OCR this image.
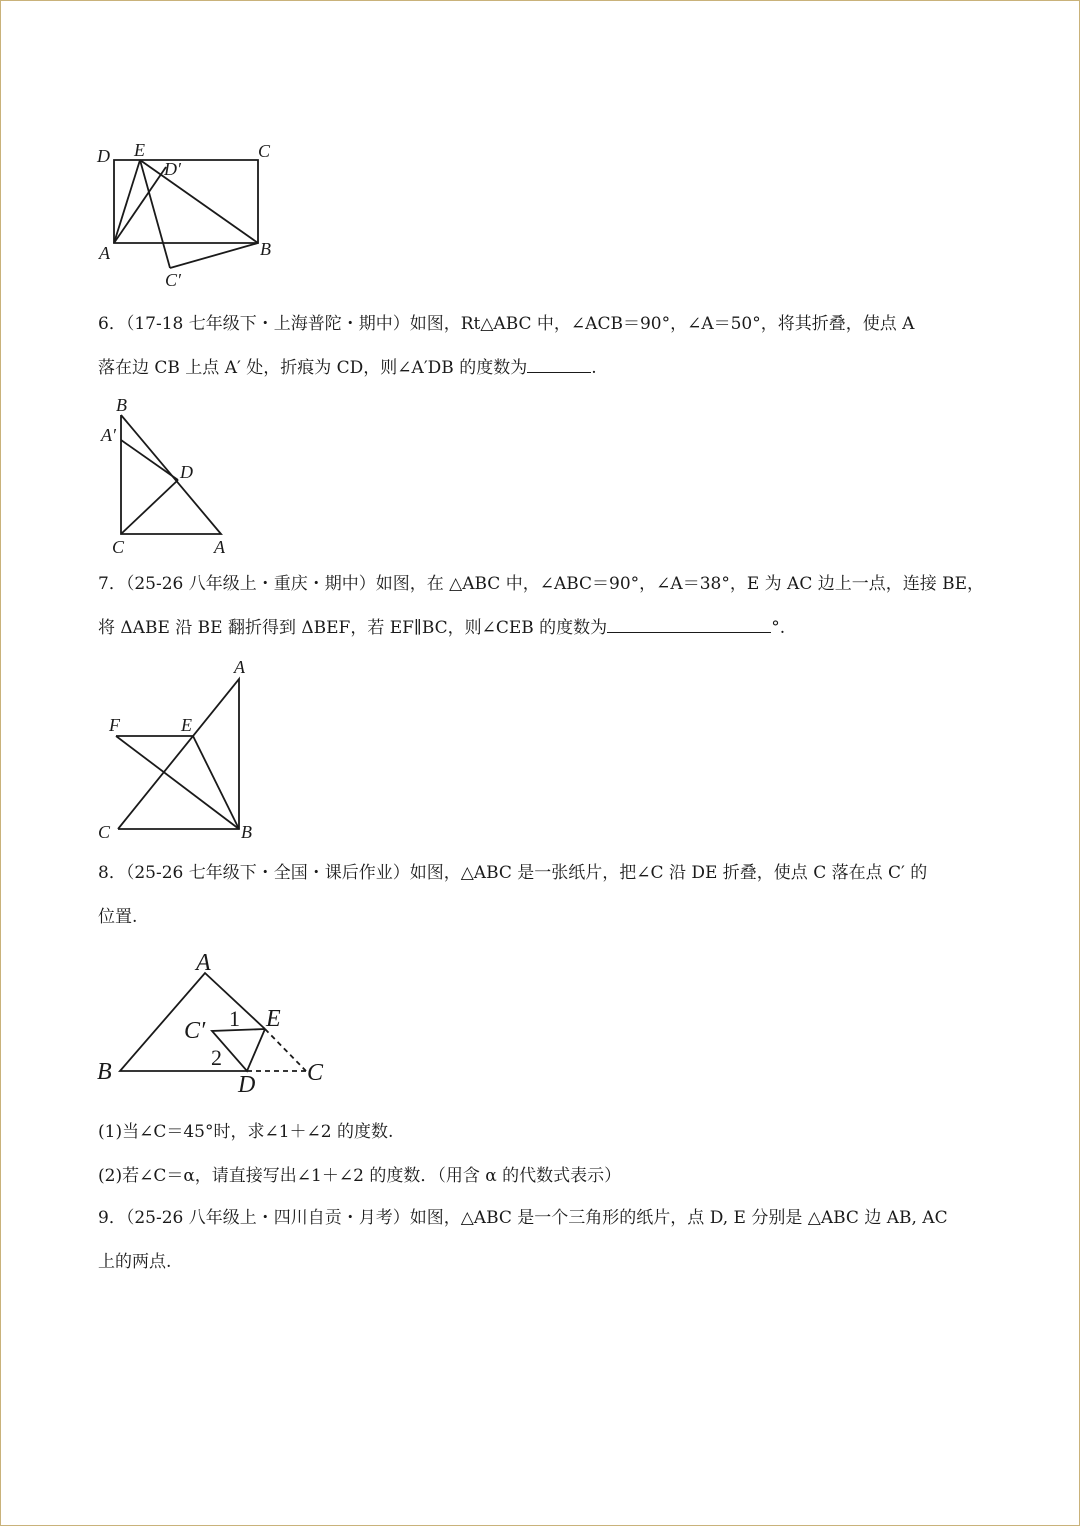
D E
D′
C
A	B
C′
6．（17-18 七年级下・上海普陀・期中）如图，Rt△ABC 中，∠ACB＝90°，∠A＝50°，将其折叠，使点 A
落在边 CB 上点 A′ 处，折痕为 CD，则∠A′DB 的度数为	.
B
A′
D
C	A
7．（25-26 八年级上・重庆・期中）如图，在 △ABC 中，∠ABC＝90°，∠A＝38°，E 为 AC 边上一点，连接 BE，
将 ΔABE 沿 BE 翻折得到 ΔBEF，若 EF∥BC，则∠CEB 的度数为	°.
A
F	E
C	B
8．（25-26 七年级下・全国・课后作业）如图，△ABC 是一张纸片，把∠C 沿 DE 折叠，使点 C 落在点 C′ 的
位置.
A
C′ 1 E
2
B	D C
(1)当∠C＝45°时，求∠1＋∠2 的度数.
(2)若∠C＝α，请直接写出∠1＋∠2 的度数．（用含 α 的代数式表示）
9．（25-26 八年级上・四川自贡・月考）如图，△ABC 是一个三角形的纸片，点 D, E 分别是 △ABC 边 AB, AC
上的两点.
